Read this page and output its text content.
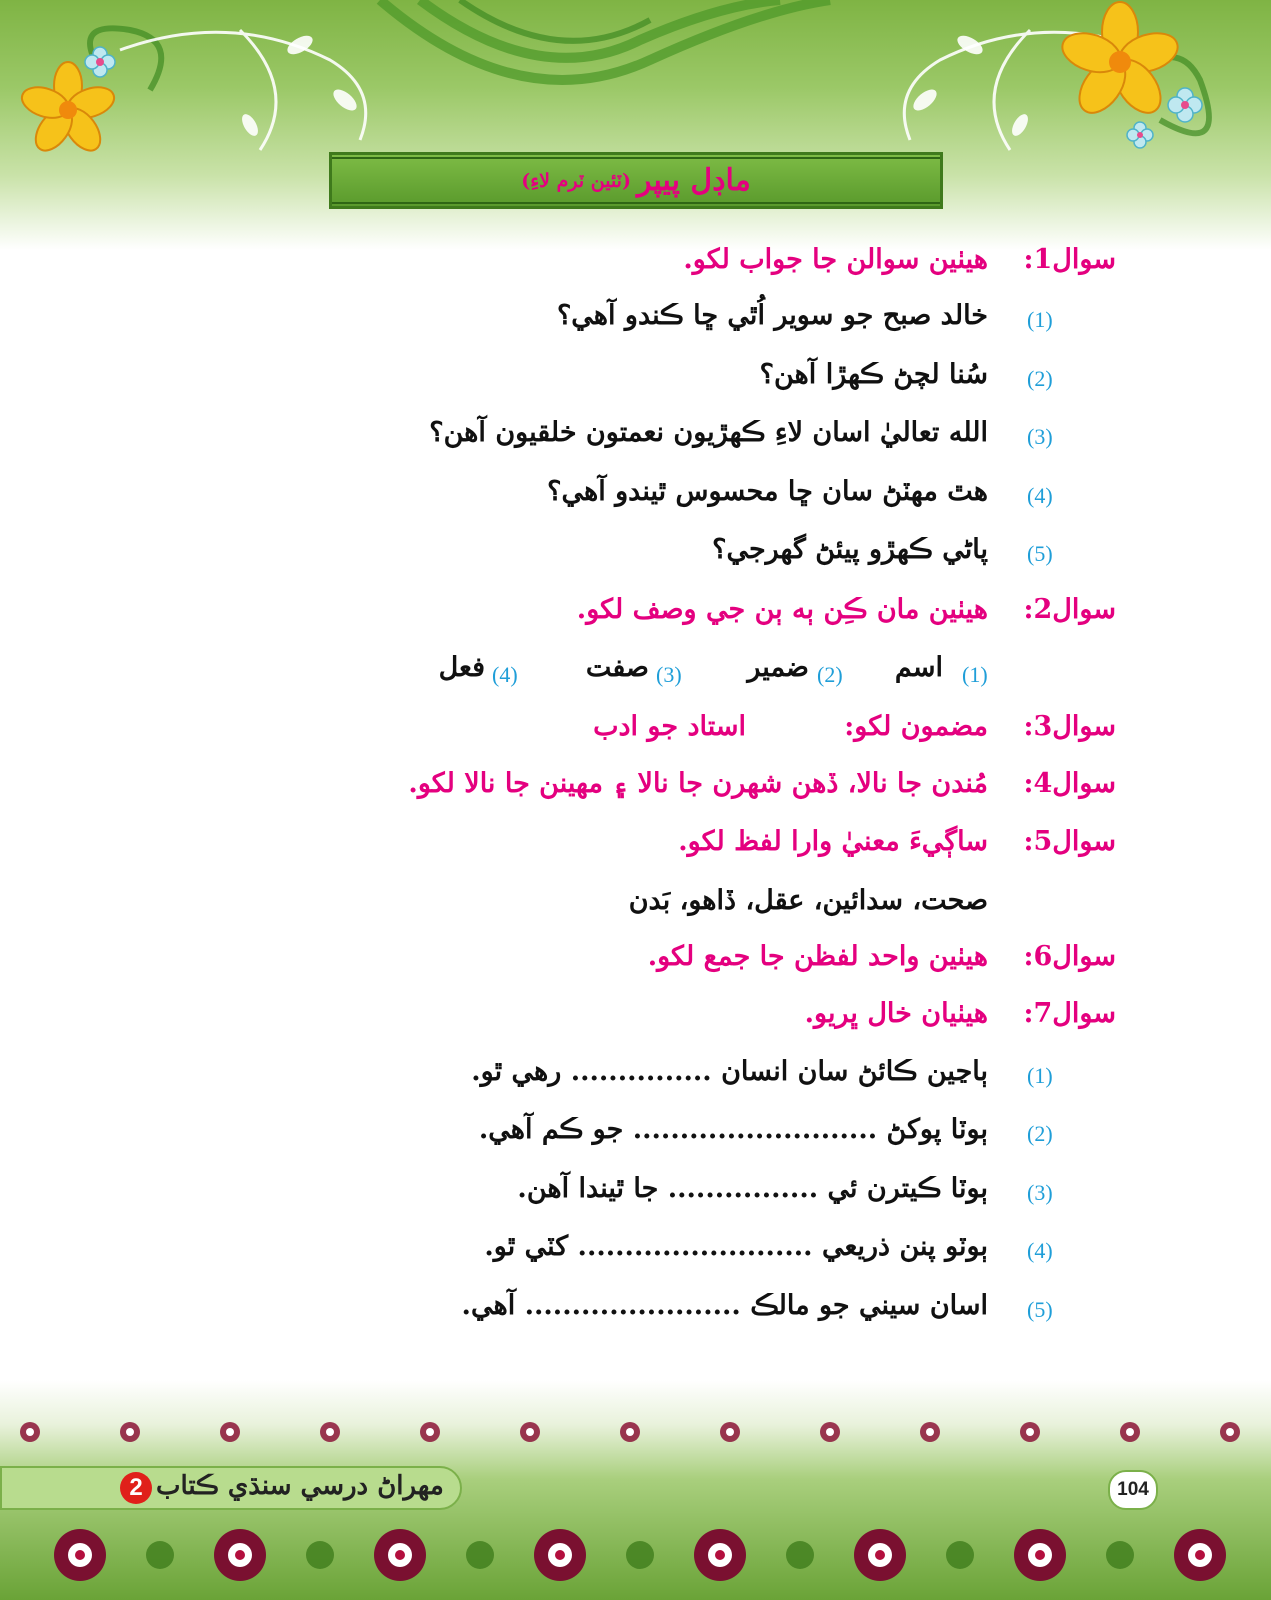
ماڊل پيپر
(ٽئين ٽرم لاءِ)
سوال1:
هيٺين سوالن جا جواب لکو.
(1)
خالد صبح جو سوير اُٿي ڇا ڪندو آهي؟
(2)
سُنا لچڻ ڪهڙا آهن؟
(3)
الله تعاليٰ اسان لاءِ ڪهڙيون نعمتون خلقيون آهن؟
(4)
هٿ مهٽڻ سان ڇا محسوس ٿيندو آهي؟
(5)
پاڻي ڪهڙو پيئڻ گهرجي؟
سوال2:
هيٺين مان ڪِن ٻه ٻن جي وصف لکو.
(1)
اسم
(2)
ضمير
(3)
صفت
(4)
فعل
سوال3:
مضمون لکو:
استاد جو ادب
سوال4:
مُندن جا نالا، ڏهن شهرن جا نالا ۽ مهينن جا نالا لکو.
سوال5:
ساڳيءَ معنيٰ وارا لفظ لکو.
صحت، سدائين، عقل، ڏاهو، بَدن
سوال6:
هيٺين واحد لفظن جا جمع لکو.
سوال7:
هيٺيان خال ڀريو.
(1)
ٻاڃين ڪائڻ سان انسان ............... رهي ٿو.
(2)
ٻوٽا پوکڻ .......................... جو ڪم آهي.
(3)
ٻوٽا ڪيترن ئي ................ جا ٿيندا آهن.
(4)
ٻوٽو پنن ذريعي ......................... کٽي ٿو.
(5)
اسان سيني جو مالڪ ....................... آهي.
2 مهراڻ درسي سنڌي ڪتاب	104
